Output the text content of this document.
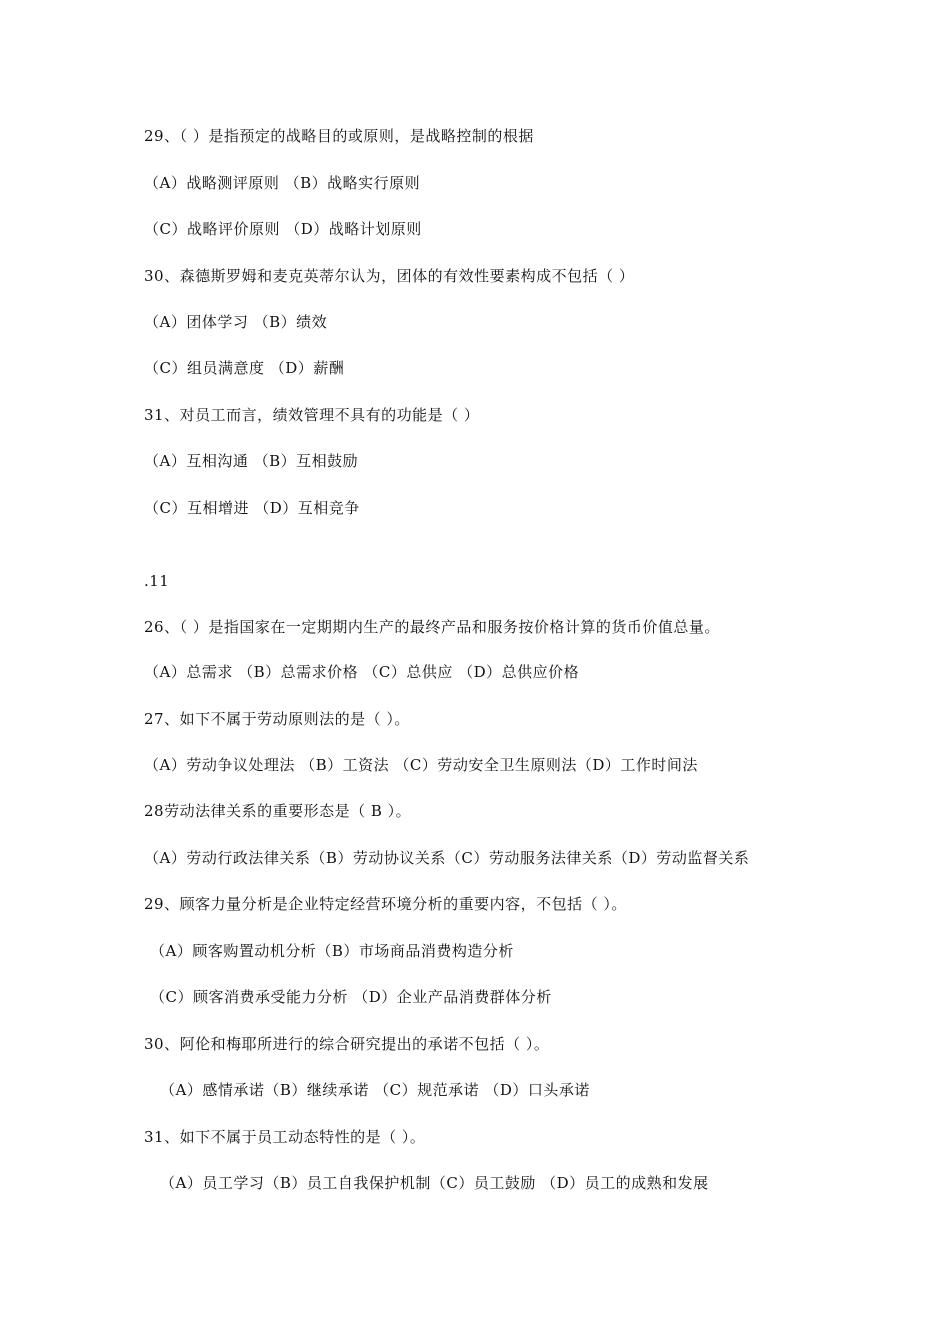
29、（ ）是指预定的战略目的或原则，是战略控制的根据
（A）战略测评原则 （B）战略实行原则
（C）战略评价原则 （D）战略计划原则
30、森德斯罗姆和麦克英蒂尔认为，团体的有效性要素构成不包括（ ）
（A）团体学习 （B）绩效
（C）组员满意度 （D）薪酬
31、对员工而言，绩效管理不具有的功能是（ ）
（A）互相沟通 （B）互相鼓励
（C）互相增进 （D）互相竞争
.11
26、（ ）是指国家在一定期期内生产的最终产品和服务按价格计算的货币价值总量。
（A）总需求 （B）总需求价格 （C）总供应 （D）总供应价格
27、如下不属于劳动原则法的是（ ）。
（A）劳动争议处理法 （B）工资法 （C）劳动安全卫生原则法（D）工作时间法
28劳动法律关系的重要形态是（ B ）。
（A）劳动行政法律关系（B）劳动协议关系（C）劳动服务法律关系（D）劳动监督关系
29、顾客力量分析是企业特定经营环境分析的重要内容，不包括（ ）。
（A）顾客购置动机分析（B）市场商品消费构造分析
（C）顾客消费承受能力分析 （D）企业产品消费群体分析
30、阿伦和梅耶所进行的综合研究提出的承诺不包括（ ）。
（A）感情承诺（B）继续承诺 （C）规范承诺 （D）口头承诺
31、如下不属于员工动态特性的是（ ）。
（A）员工学习（B）员工自我保护机制（C）员工鼓励 （D）员工的成熟和发展
